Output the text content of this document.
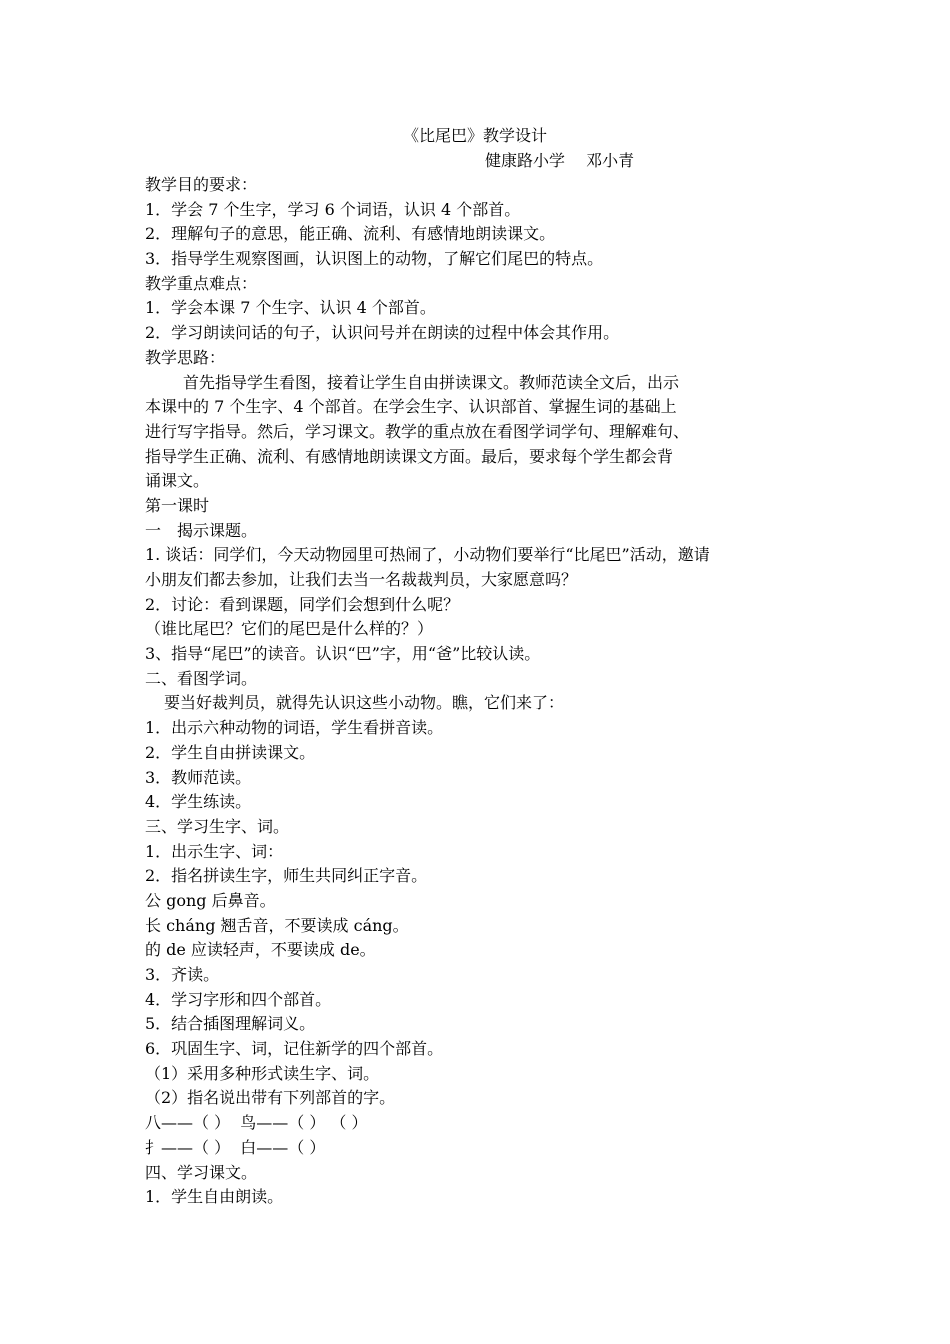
《比尾巴》教学设计
健康路小学　 邓小青
教学目的要求：
1．学会 7 个生字，学习 6 个词语，认识 4 个部首。
2．理解句子的意思，能正确、流利、有感情地朗读课文。
3．指导学生观察图画，认识图上的动物，了解它们尾巴的特点。
教学重点难点：
1．学会本课 7 个生字、认识 4 个部首。
2．学习朗读问话的句子，认识问号并在朗读的过程中体会其作用。
教学思路：
首先指导学生看图，接着让学生自由拼读课文。教师范读全文后，出示
本课中的 7 个生字、4 个部首。在学会生字、认识部首、掌握生词的基础上
进行写字指导。然后，学习课文。教学的重点放在看图学词学句、理解难句、
指导学生正确、流利、有感情地朗读课文方面。最后，要求每个学生都会背
诵课文。
第一课时
一　揭示课题。
1. 谈话：同学们，今天动物园里可热闹了，小动物们要举行“比尾巴”活动，邀请
小朋友们都去参加，让我们去当一名裁裁判员，大家愿意吗？
2．讨论：看到课题，同学们会想到什么呢？
（谁比尾巴？它们的尾巴是什么样的？）
3、指导“尾巴”的读音。认识“巴”字，用“爸”比较认读。
二、看图学词。
要当好裁判员，就得先认识这些小动物。瞧，它们来了：
1．出示六种动物的词语，学生看拼音读。
2．学生自由拼读课文。
3．教师范读。
4．学生练读。
三、学习生字、词。
1．出示生字、词：
2．指名拼读生字，师生共同纠正字音。
公 gong 后鼻音。
长 cháng 翘舌音，不要读成 cáng。
的 de 应读轻声，不要读成 de。
3．齐读。
4．学习字形和四个部首。
5．结合插图理解词义。
6．巩固生字、词，记住新学的四个部首。
（1）采用多种形式读生字、词。
（2）指名说出带有下列部首的字。
八——（ ）  鸟——（ ） （ ）
扌——（ ）  白——（ ）
四、学习课文。
1．学生自由朗读。
